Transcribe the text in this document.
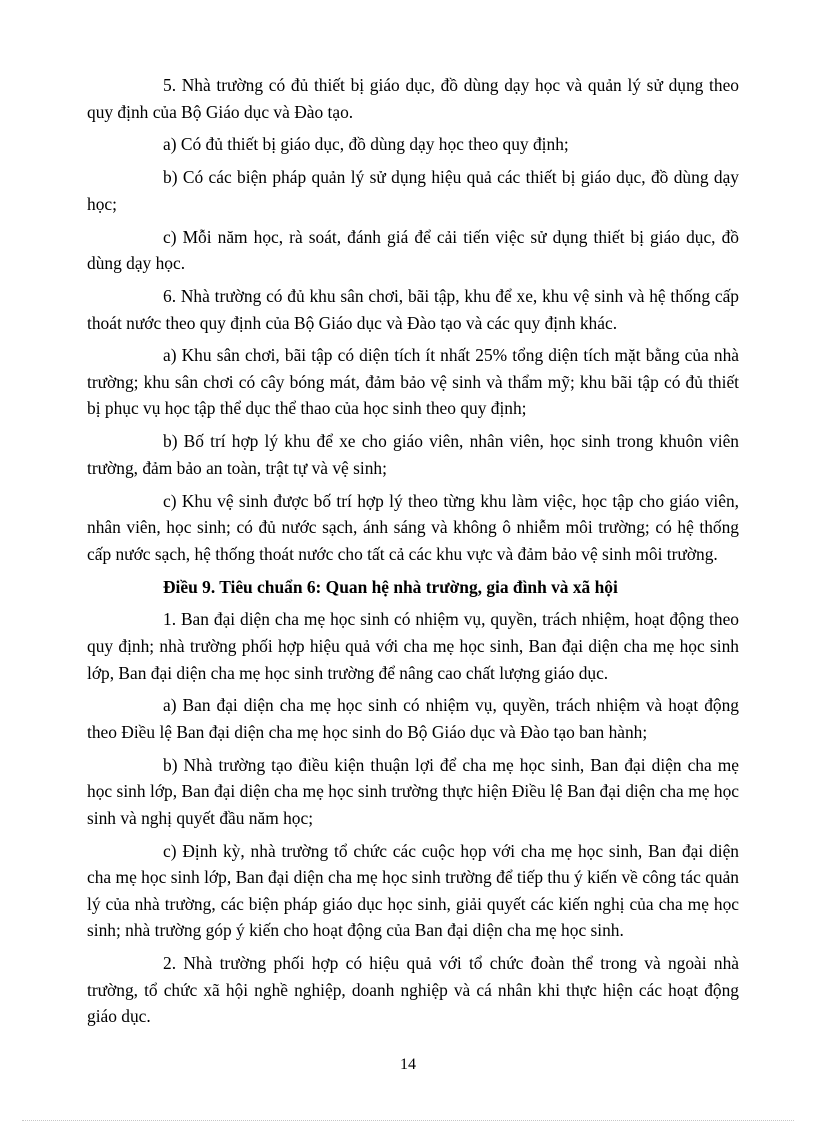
5. Nhà trường có đủ thiết bị giáo dục, đồ dùng dạy học và quản lý sử dụng theo quy định của Bộ Giáo dục và Đào tạo.

a) Có đủ thiết bị giáo dục, đồ dùng dạy học theo quy định;

b) Có các biện pháp quản lý sử dụng hiệu quả các thiết bị giáo dục, đồ dùng dạy học;

c) Mỗi năm học, rà soát, đánh giá để cải tiến việc sử dụng thiết bị giáo dục, đồ dùng dạy học.

6. Nhà trường có đủ khu sân chơi, bãi tập, khu để xe, khu vệ sinh và hệ thống cấp thoát nước theo quy định của Bộ Giáo dục và Đào tạo và các quy định khác.

a) Khu sân chơi, bãi tập có diện tích ít nhất 25% tổng diện tích mặt bằng của nhà trường; khu sân chơi có cây bóng mát, đảm bảo vệ sinh và thẩm mỹ; khu bãi tập có đủ thiết bị phục vụ học tập thể dục thể thao của học sinh theo quy định;

b) Bố trí hợp lý khu để xe cho giáo viên, nhân viên, học sinh trong khuôn viên trường, đảm bảo an toàn, trật tự và vệ sinh;

c) Khu vệ sinh được bố trí hợp lý theo từng khu làm việc, học tập cho giáo viên, nhân viên, học sinh; có đủ nước sạch, ánh sáng và không ô nhiễm môi trường; có hệ thống cấp nước sạch, hệ thống thoát nước cho tất cả các khu vực và đảm bảo vệ sinh môi trường.

Điều 9. Tiêu chuẩn 6: Quan hệ nhà trường, gia đình và xã hội

1. Ban đại diện cha mẹ học sinh có nhiệm vụ, quyền, trách nhiệm, hoạt động theo quy định; nhà trường phối hợp hiệu quả với cha mẹ học sinh, Ban đại diện cha mẹ học sinh lớp, Ban đại diện cha mẹ học sinh trường để nâng cao chất lượng giáo dục.

a) Ban đại diện cha mẹ học sinh có nhiệm vụ, quyền, trách nhiệm và hoạt động theo Điều lệ Ban đại diện cha mẹ học sinh do Bộ Giáo dục và Đào tạo ban hành;

b) Nhà trường tạo điều kiện thuận lợi để cha mẹ học sinh, Ban đại diện cha mẹ học sinh lớp, Ban đại diện cha mẹ học sinh trường thực hiện Điều lệ Ban đại diện cha mẹ học sinh và nghị quyết đầu năm học;

c) Định kỳ, nhà trường tổ chức các cuộc họp với cha mẹ học sinh, Ban đại diện cha mẹ học sinh lớp, Ban đại diện cha mẹ học sinh trường để tiếp thu ý kiến về công tác quản lý của nhà trường, các biện pháp giáo dục học sinh, giải quyết các kiến nghị của cha mẹ học sinh; nhà trường góp ý kiến cho hoạt động của Ban đại diện cha mẹ học sinh.

2. Nhà trường phối hợp có hiệu quả với tổ chức đoàn thể trong và ngoài nhà trường, tổ chức xã hội nghề nghiệp, doanh nghiệp và cá nhân khi thực hiện các hoạt động giáo dục.

14
